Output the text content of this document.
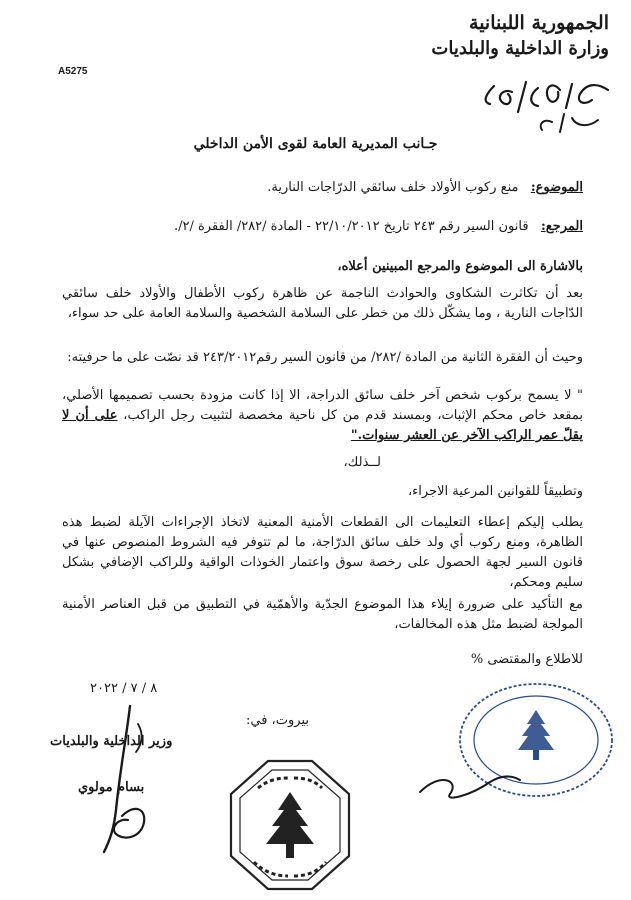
الجمهورية اللبنانية
وزارة الداخلية والبلديات
A5275
جـانب المديرية العامة لقوى الأمن الداخلي
الموضوع:   منع ركوب الأولاد خلف سائقي الدرّاجات النارية.
المرجع:   قانون السير رقم ٢٤٣ تاريخ ٢٢/١٠/٢٠١٢ - المادة /٢٨٢/ الفقرة /٢/.
بالاشارة الى الموضوع والمرجع المبينين أعلاه،
بعد أن تكاثرت الشكاوى والحوادث الناجمة عن ظاهرة ركوب الأطفال والأولاد خلف سائقي الدّاجات النارية ، وما يشكّل ذلك من خطر على السلامة الشخصية والسلامة العامة على حد سواء،
وحيث أن الفقرة الثانية من المادة /٢٨٢/ من قانون السير رقم٢٤٣/٢٠١٢ قد نصّت على ما حرفيته:
" لا يسمح بركوب شخص آخر خلف سائق الدراجة، الا إذا كانت مزودة بحسب تصميمها الأصلي، بمقعد خاص محكم الإثبات، وبمسند قدم من كل ناحية مخصصة لتثبيت رجل الراكب، على أن لا يقلّ عمر الراكب الآخر عن العشر سنوات."
لــذلك،
وتطبيقاً للقوانين المرعية الاجراء،
يطلب إليكم إعطاء التعليمات الى القطعات الأمنية المعنية لاتخاذ الإجراءات الآيلة لضبط هذه الظاهرة، ومنع ركوب أي ولد خلف سائق الدرّاجة، ما لم تتوفر فيه الشروط المنصوص عنها في قانون السير لجهة الحصول على رخصة سوق واعتمار الخوذات الواقية وللراكب الإضافي بشكل سليم ومحكم،
مع التأكيد على ضرورة إيلاء هذا الموضوع الجدّية والأهمّية في التطبيق من قبل العناصر الأمنية المولجة لضبط مثل هذه المخالفات،
للاطلاع والمقتضى %
٨ / ٧ / ٢٠٢٢
بيروت، في:
وزير الداخلية والبلديات
بسام مولوي
